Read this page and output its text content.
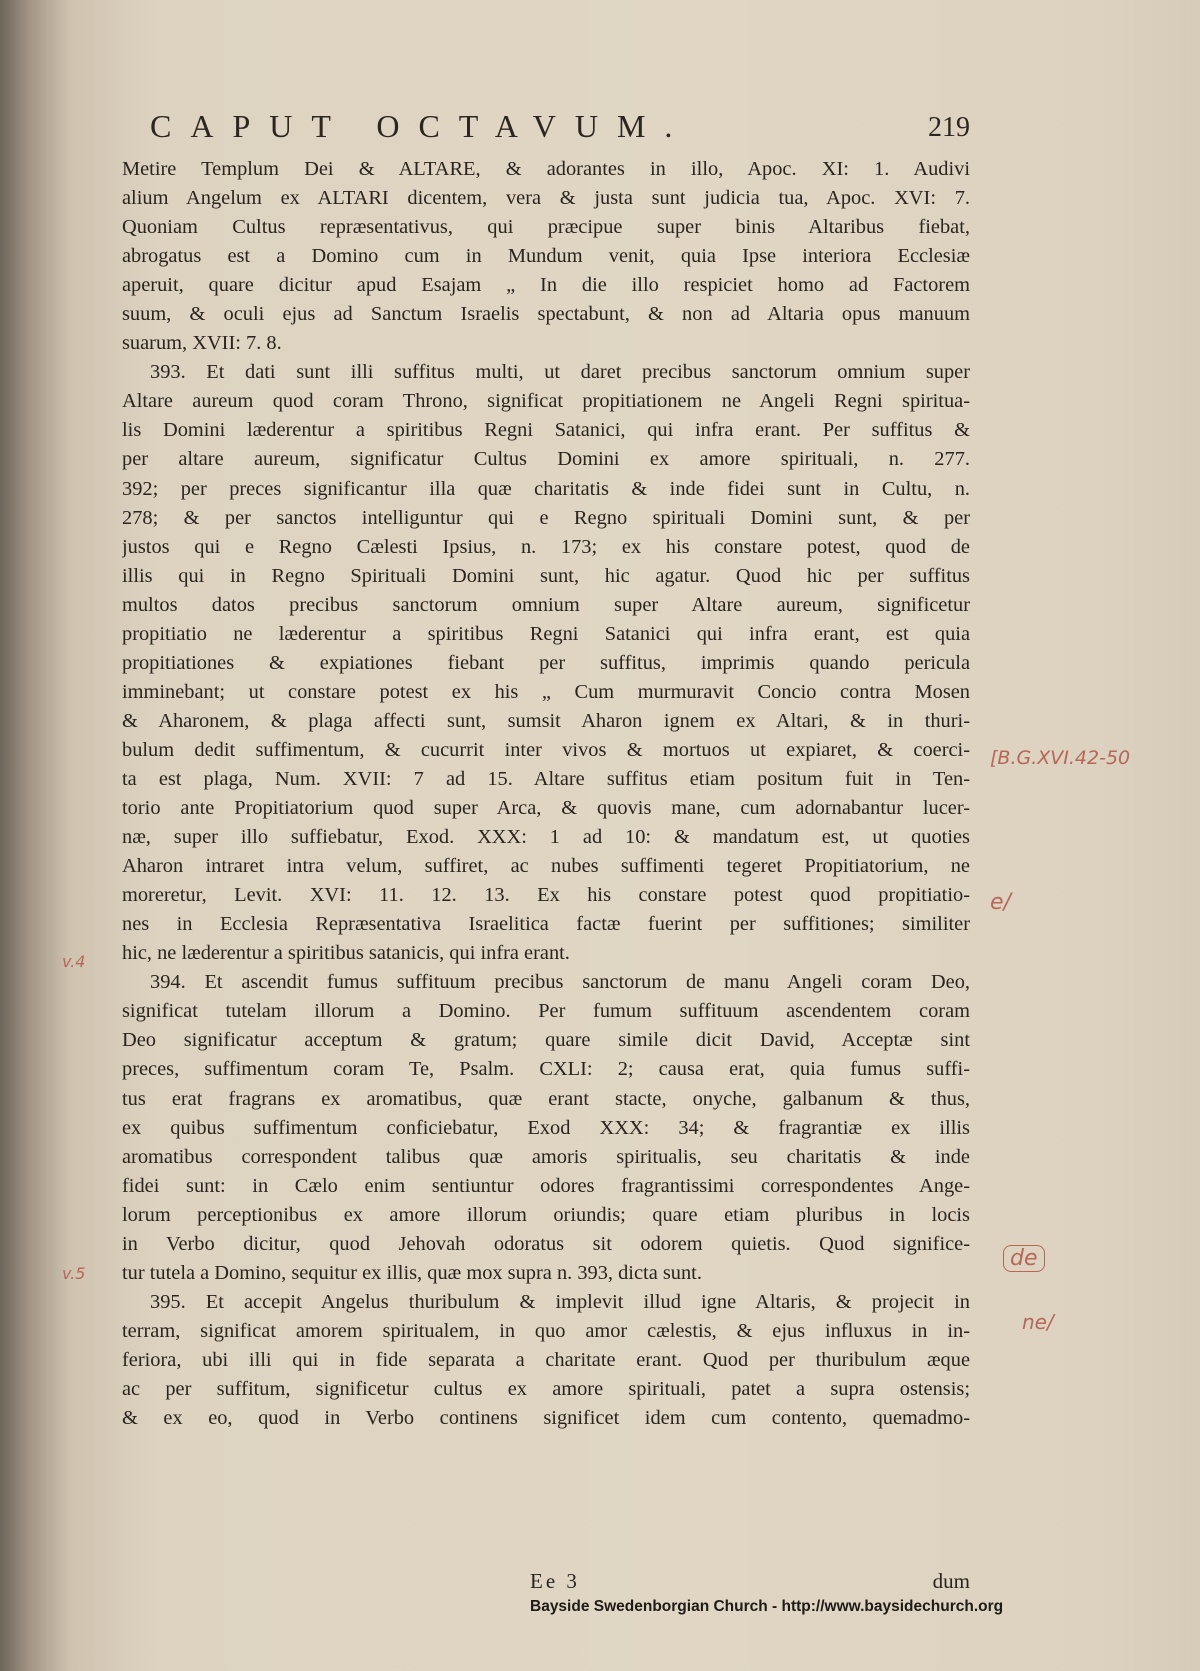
CAPUT OCTAVUM.	219
Metire Templum Dei & ALTARE, & adorantes in illo, Apoc. XI: 1. Audivi
alium Angelum ex ALTARI dicentem, vera & justa sunt judicia tua, Apoc. XVI: 7.
Quoniam Cultus repræsentativus, qui præcipue super binis Altaribus fiebat,
abrogatus est a Domino cum in Mundum venit, quia Ipse interiora Ecclesiæ
aperuit, quare dicitur apud Esajam „ In die illo respiciet homo ad Factorem
suum, & oculi ejus ad Sanctum Israelis spectabunt, & non ad Altaria opus manuum
suarum, XVII: 7. 8.
393. Et dati sunt illi suffitus multi, ut daret precibus sanctorum omnium super
Altare aureum quod coram Throno, significat propitiationem ne Angeli Regni spiritua-
lis Domini læderentur a spiritibus Regni Satanici, qui infra erant. Per suffitus &
per altare aureum, significatur Cultus Domini ex amore spirituali, n. 277.
392; per preces significantur illa quæ charitatis & inde fidei sunt in Cultu, n.
278; & per sanctos intelliguntur qui e Regno spirituali Domini sunt, & per
justos qui e Regno Cælesti Ipsius, n. 173; ex his constare potest, quod de
illis qui in Regno Spirituali Domini sunt, hic agatur. Quod hic per suffitus
multos datos precibus sanctorum omnium super Altare aureum, significetur
propitiatio ne læderentur a spiritibus Regni Satanici qui infra erant, est quia
propitiationes & expiationes fiebant per suffitus, imprimis quando pericula
imminebant; ut constare potest ex his „ Cum murmuravit Concio contra Mosen
& Aharonem, & plaga affecti sunt, sumsit Aharon ignem ex Altari, & in thuri-
bulum dedit suffimentum, & cucurrit inter vivos & mortuos ut expiaret, & coerci-
ta est plaga, Num. XVII: 7 ad 15. Altare suffitus etiam positum fuit in Ten-
torio ante Propitiatorium quod super Arca, & quovis mane, cum adornabantur lucer-
næ, super illo suffiebatur, Exod. XXX: 1 ad 10: & mandatum est, ut quoties
Aharon intraret intra velum, suffiret, ac nubes suffimenti tegeret Propitiatorium, ne
moreretur, Levit. XVI: 11. 12. 13. Ex his constare potest quod propitiatio-
nes in Ecclesia Repræsentativa Israelitica factæ fuerint per suffitiones; similiter
hic, ne læderentur a spiritibus satanicis, qui infra erant.
394. Et ascendit fumus suffituum precibus sanctorum de manu Angeli coram Deo,
significat tutelam illorum a Domino. Per fumum suffituum ascendentem coram
Deo significatur acceptum & gratum; quare simile dicit David, Acceptæ sint
preces, suffimentum coram Te, Psalm. CXLI: 2; causa erat, quia fumus suffi-
tus erat fragrans ex aromatibus, quæ erant stacte, onyche, galbanum & thus,
ex quibus suffimentum conficiebatur, Exod XXX: 34; & fragrantiæ ex illis
aromatibus correspondent talibus quæ amoris spiritualis, seu charitatis & inde
fidei sunt: in Cælo enim sentiuntur odores fragrantissimi correspondentes Ange-
lorum perceptionibus ex amore illorum oriundis; quare etiam pluribus in locis
in Verbo dicitur, quod Jehovah odoratus sit odorem quietis. Quod significe-
tur tutela a Domino, sequitur ex illis, quæ mox supra n. 393, dicta sunt.
395. Et accepit Angelus thuribulum & implevit illud igne Altaris, & projecit in
terram, significat amorem spiritualem, in quo amor cælestis, & ejus influxus in in-
feriora, ubi illi qui in fide separata a charitate erant. Quod per thuribulum æque
ac per suffitum, significetur cultus ex amore spirituali, patet a supra ostensis;
& ex eo, quod in Verbo continens significet idem cum contento, quemadmo-
Ee 3	dum
[B.G.XVI.42-50
v.4
v.5
e/
de
ne/
Bayside Swedenborgian Church - http://www.baysidechurch.org
